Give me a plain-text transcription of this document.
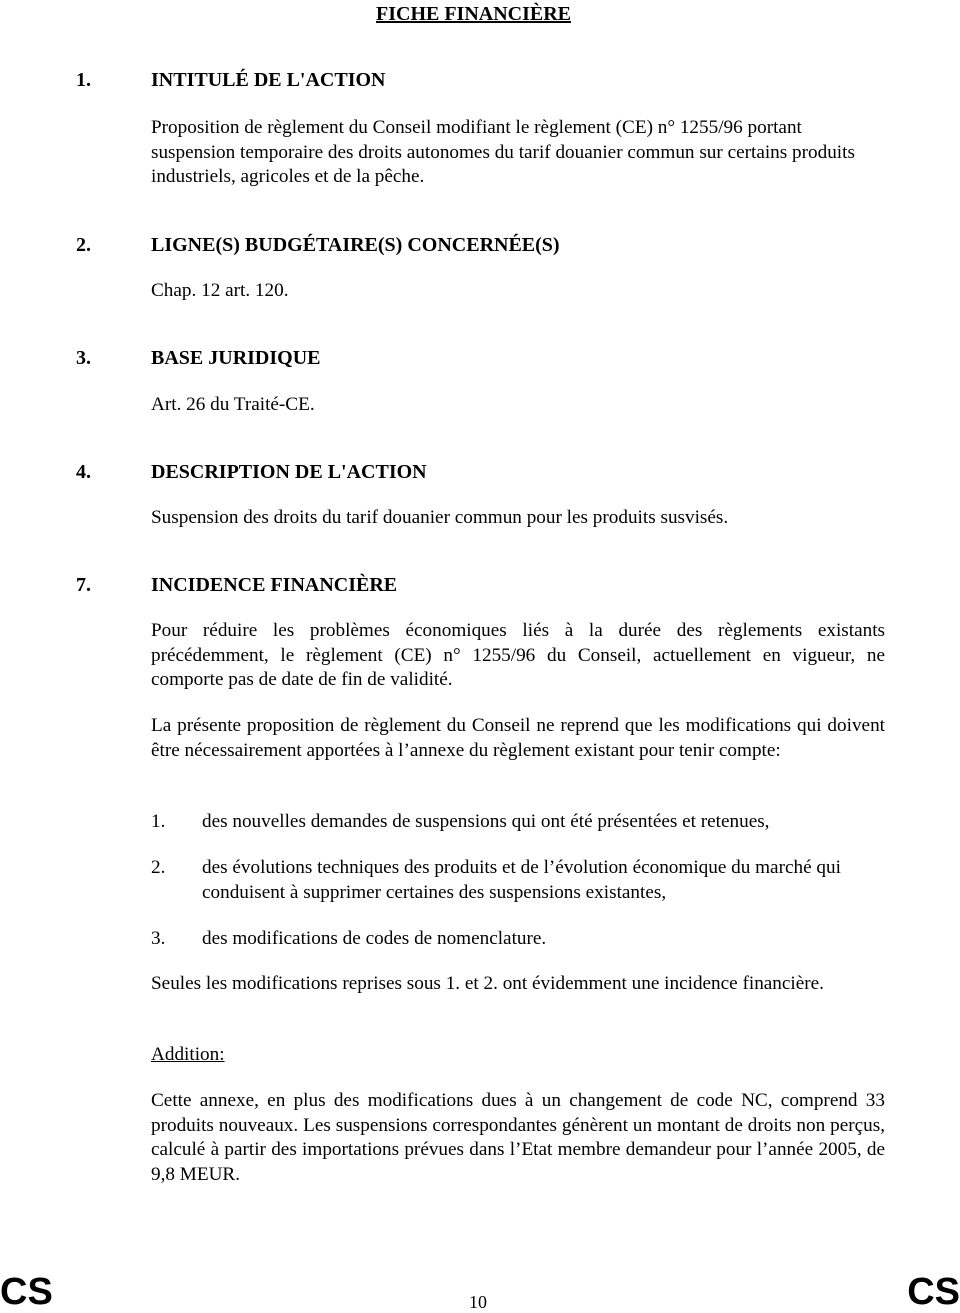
FICHE FINANCIÈRE
1.	INTITULÉ DE L'ACTION

Proposition de règlement du Conseil modifiant le règlement (CE) n° 1255/96 portant suspension temporaire des droits autonomes du tarif douanier commun sur certains produits industriels, agricoles et de la pêche.

2.	LIGNE(S) BUDGÉTAIRE(S) CONCERNÉE(S)

Chap. 12 art. 120.

3.	BASE JURIDIQUE

Art. 26 du Traité-CE.

4.	DESCRIPTION DE L'ACTION

Suspension des droits du tarif douanier commun pour les produits susvisés.

7.	INCIDENCE FINANCIÈRE

Pour réduire les problèmes économiques liés à la durée des règlements existants précédemment, le règlement (CE) n° 1255/96 du Conseil, actuellement en vigueur, ne comporte pas de date de fin de validité.

La présente proposition de règlement du Conseil ne reprend que les modifications qui doivent être nécessairement apportées à l’annexe du règlement existant pour tenir compte:

1. des nouvelles demandes de suspensions qui ont été présentées et retenues,
2. des évolutions techniques des produits et de l’évolution économique du marché qui conduisent à supprimer certaines des suspensions existantes,
3. des modifications de codes de nomenclature.

Seules les modifications reprises sous 1. et 2. ont évidemment une incidence financière.

Addition:

Cette annexe, en plus des modifications dues à un changement de code NC, comprend 33 produits nouveaux. Les suspensions correspondantes génèrent un montant de droits non perçus, calculé à partir des importations prévues dans l’Etat membre demandeur pour l’année 2005, de 9,8 MEUR.

CS	10	CS
